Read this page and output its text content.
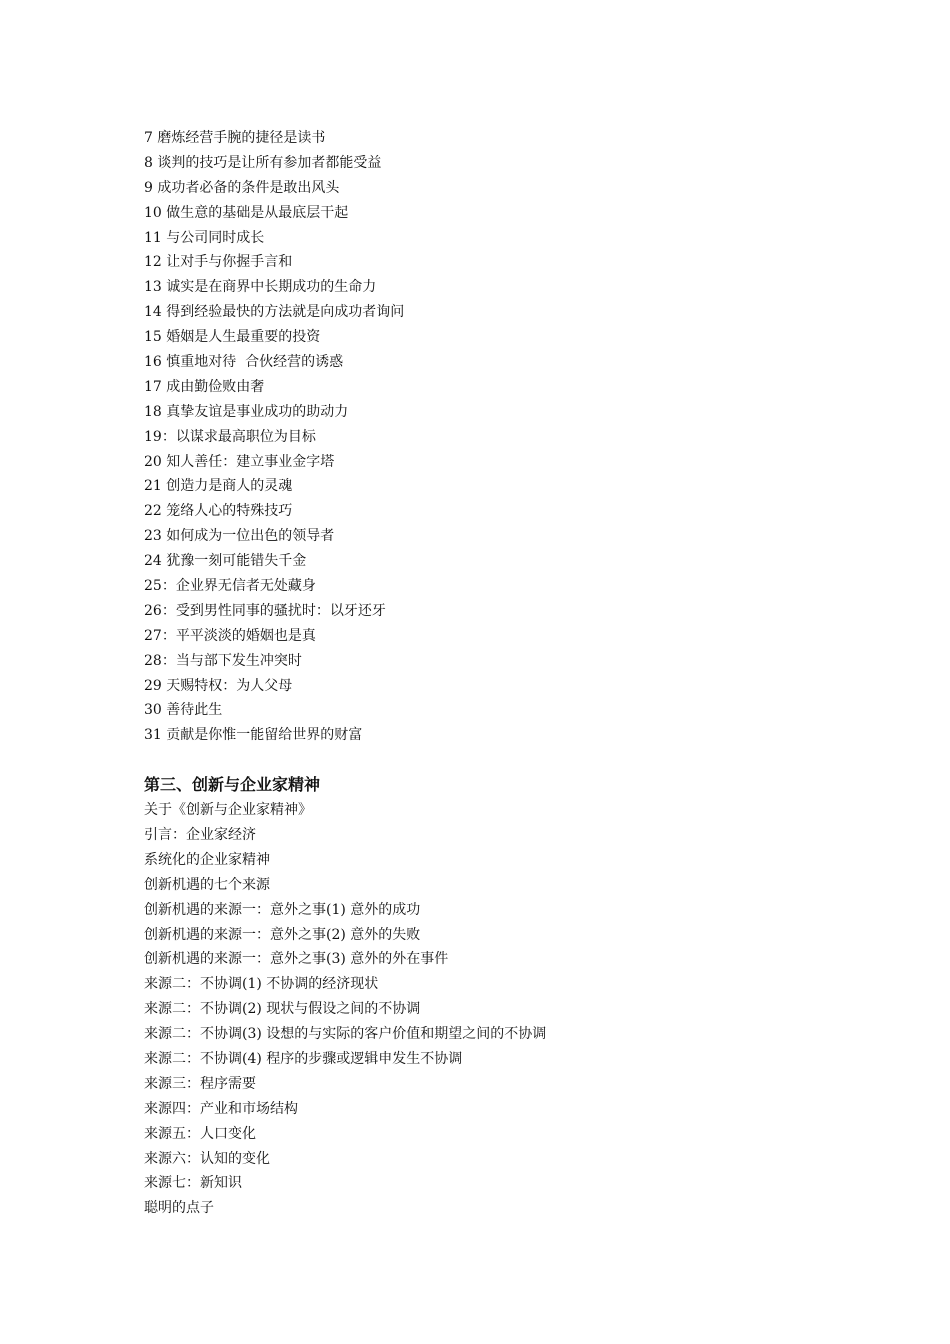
7 磨炼经营手腕的捷径是读书
8 谈判的技巧是让所有参加者都能受益
9 成功者必备的条件是敢出风头
10 做生意的基础是从最底层干起
11 与公司同时成长
12 让对手与你握手言和
13 诚实是在商界中长期成功的生命力
14 得到经验最快的方法就是向成功者询问
15 婚姻是人生最重要的投资
16 慎重地对待  合伙经营的诱惑
17 成由勤俭败由奢
18 真挚友谊是事业成功的助动力
19：以谋求最高职位为目标
20 知人善任：建立事业金字塔
21 创造力是商人的灵魂
22 笼络人心的特殊技巧
23 如何成为一位出色的领导者
24 犹豫一刻可能错失千金
25：企业界无信者无处藏身
26：受到男性同事的骚扰时：以牙还牙
27：平平淡淡的婚姻也是真
28：当与部下发生冲突时
29 天赐特权：为人父母
30 善待此生
31 贡献是你惟一能留给世界的财富
第三、创新与企业家精神
关于《创新与企业家精神》
引言：企业家经济
系统化的企业家精神
创新机遇的七个来源
创新机遇的来源一：意外之事(1) 意外的成功
创新机遇的来源一：意外之事(2) 意外的失败
创新机遇的来源一：意外之事(3) 意外的外在事件
来源二：不协调(1) 不协调的经济现状
来源二：不协调(2) 现状与假设之间的不协调
来源二：不协调(3) 设想的与实际的客户价值和期望之间的不协调
来源二：不协调(4) 程序的步骤或逻辑申发生不协调
来源三：程序需要
来源四：产业和市场结构
来源五：人口变化
来源六：认知的变化
来源七：新知识
聪明的点子
